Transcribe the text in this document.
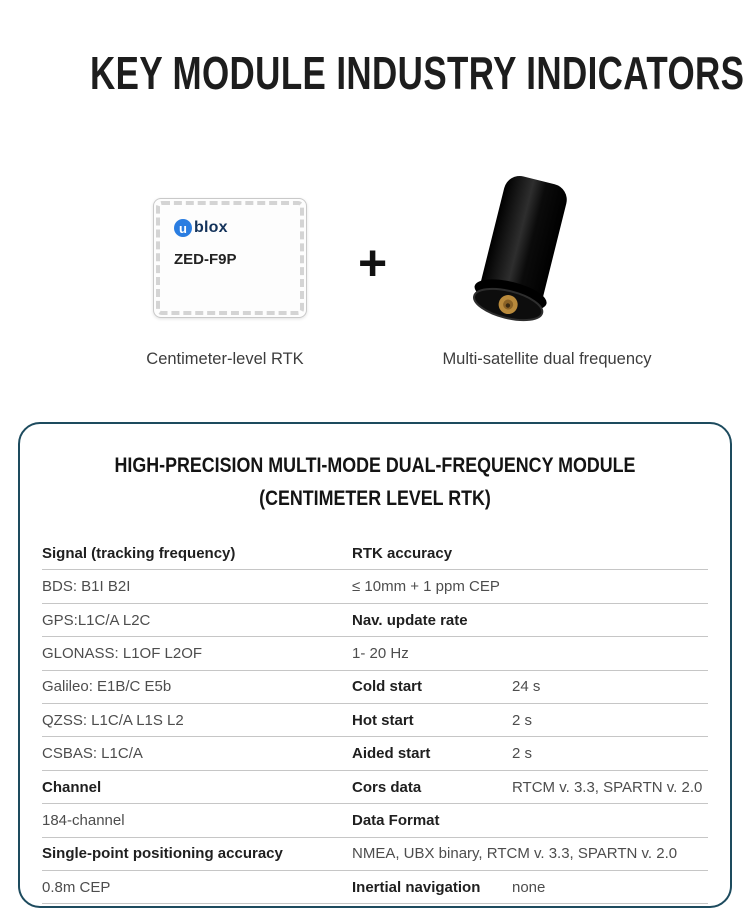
KEY MODULE INDUSTRY INDICATORS
u blox
ZED-F9P +
Centimeter-level RTK	Multi-satellite dual frequency
HIGH-PRECISION MULTI-MODE DUAL-FREQUENCY MODULE
(CENTIMETER LEVEL RTK)
Signal (tracking frequency)	RTK accuracy
BDS: B1I B2I	≤ 10mm + 1 ppm CEP
GPS:L1C/A L2C	Nav. update rate
GLONASS: L1OF L2OF	1- 20 Hz
Galileo: E1B/C E5b	Cold start	24 s
QZSS: L1C/A L1S L2	Hot start	2 s
CSBAS: L1C/A	Aided start	2 s
Channel	Cors data	RTCM v. 3.3, SPARTN v. 2.0
184-channel	Data Format
Single-point positioning accuracy	NMEA, UBX binary, RTCM v. 3.3, SPARTN v. 2.0
0.8m CEP	Inertial navigation	none
